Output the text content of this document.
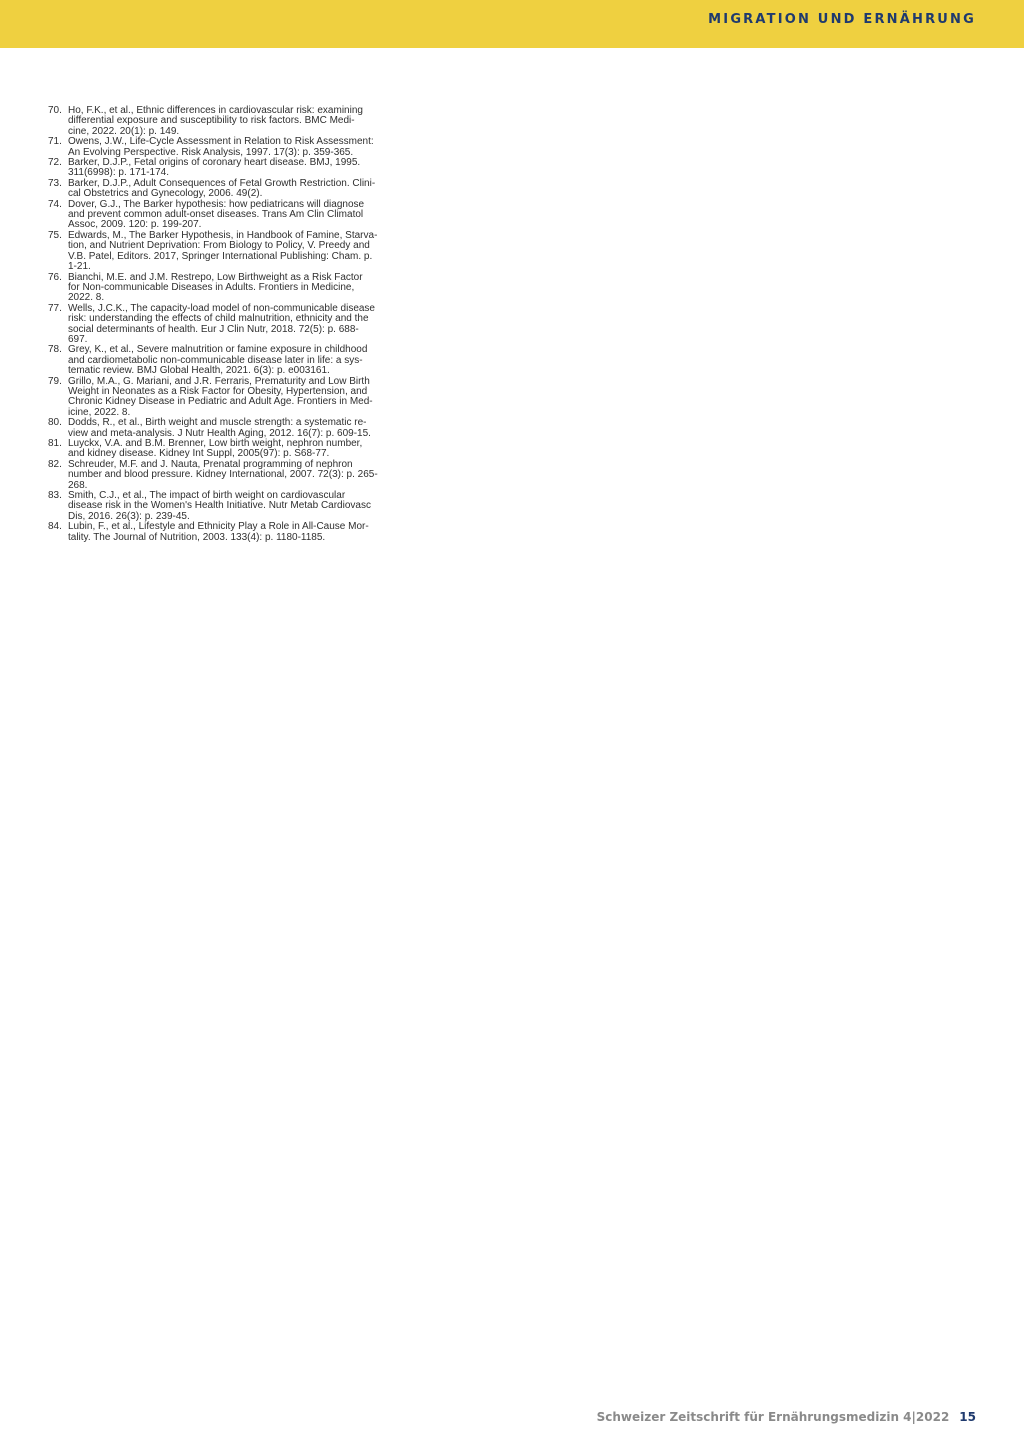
MIGRATION UND ERNÄHRUNG
70. Ho, F.K., et al., Ethnic differences in cardiovascular risk: examining
differential exposure and susceptibility to risk factors. BMC Medi-
cine, 2022. 20(1): p. 149.
71. Owens, J.W., Life-Cycle Assessment in Relation to Risk Assessment:
An Evolving Perspective. Risk Analysis, 1997. 17(3): p. 359-365.
72. Barker, D.J.P., Fetal origins of coronary heart disease. BMJ, 1995.
311(6998): p. 171-174.
73. Barker, D.J.P., Adult Consequences of Fetal Growth Restriction. Clini-
cal Obstetrics and Gynecology, 2006. 49(2).
74. Dover, G.J., The Barker hypothesis: how pediatricans will diagnose
and prevent common adult-onset diseases. Trans Am Clin Climatol
Assoc, 2009. 120: p. 199-207.
75. Edwards, M., The Barker Hypothesis, in Handbook of Famine, Starva-
tion, and Nutrient Deprivation: From Biology to Policy, V. Preedy and
V.B. Patel, Editors. 2017, Springer International Publishing: Cham. p.
1-21.
76. Bianchi, M.E. and J.M. Restrepo, Low Birthweight as a Risk Factor
for Non-communicable Diseases in Adults. Frontiers in Medicine,
2022. 8.
77. Wells, J.C.K., The capacity-load model of non-communicable disease
risk: understanding the effects of child malnutrition, ethnicity and the
social determinants of health. Eur J Clin Nutr, 2018. 72(5): p. 688-
697.
78. Grey, K., et al., Severe malnutrition or famine exposure in childhood
and cardiometabolic non-communicable disease later in life: a sys-
tematic review. BMJ Global Health, 2021. 6(3): p. e003161.
79. Grillo, M.A., G. Mariani, and J.R. Ferraris, Prematurity and Low Birth
Weight in Neonates as a Risk Factor for Obesity, Hypertension, and
Chronic Kidney Disease in Pediatric and Adult Age. Frontiers in Med-
icine, 2022. 8.
80. Dodds, R., et al., Birth weight and muscle strength: a systematic re-
view and meta-analysis. J Nutr Health Aging, 2012. 16(7): p. 609-15.
81. Luyckx, V.A. and B.M. Brenner, Low birth weight, nephron number,
and kidney disease. Kidney Int Suppl, 2005(97): p. S68-77.
82. Schreuder, M.F. and J. Nauta, Prenatal programming of nephron
number and blood pressure. Kidney International, 2007. 72(3): p. 265-
268.
83. Smith, C.J., et al., The impact of birth weight on cardiovascular
disease risk in the Women's Health Initiative. Nutr Metab Cardiovasc
Dis, 2016. 26(3): p. 239-45.
84. Lubin, F., et al., Lifestyle and Ethnicity Play a Role in All-Cause Mor-
tality. The Journal of Nutrition, 2003. 133(4): p. 1180-1185.
Schweizer Zeitschrift für Ernährungsmedizin 4|2022 15
